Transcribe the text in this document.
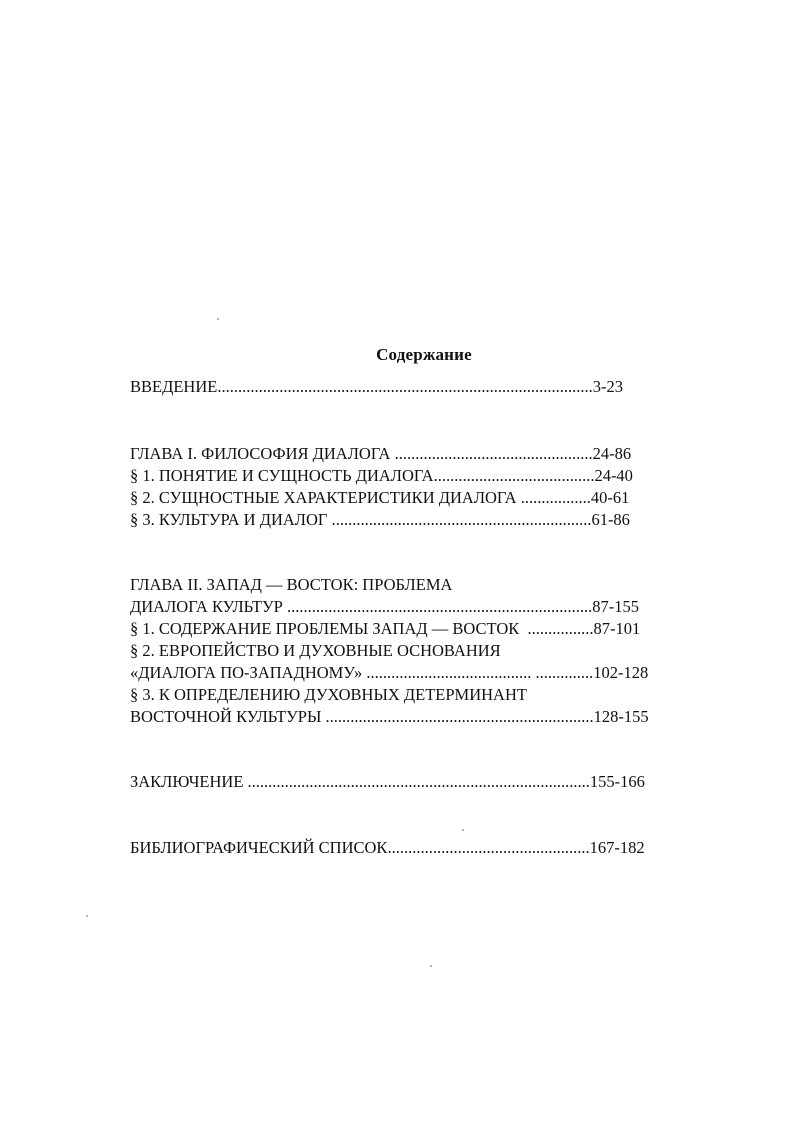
Содержание
ВВЕДЕНИЕ...........................................................................................3-23
ГЛАВА I. ФИЛОСОФИЯ ДИАЛОГА ................................................24-86
§ 1. ПОНЯТИЕ И СУЩНОСТЬ ДИАЛОГА.......................................24-40
§ 2. СУЩНОСТНЫЕ ХАРАКТЕРИСТИКИ ДИАЛОГА .................40-61
§ 3. КУЛЬТУРА И ДИАЛОГ ...............................................................61-86
ГЛАВА II. ЗАПАД — ВОСТОК: ПРОБЛЕМА
ДИАЛОГА КУЛЬТУР ..........................................................................87-155
§ 1. СОДЕРЖАНИЕ ПРОБЛЕМЫ ЗАПАД — ВОСТОК  ................87-101
§ 2. ЕВРОПЕЙСТВО И ДУХОВНЫЕ ОСНОВАНИЯ
«ДИАЛОГА ПО-ЗАПАДНОМУ» ........................................ ..............102-128
§ 3. К ОПРЕДЕЛЕНИЮ ДУХОВНЫХ ДЕТЕРМИНАНТ
ВОСТОЧНОЙ КУЛЬТУРЫ .................................................................128-155
ЗАКЛЮЧЕНИЕ ...................................................................................155-166
БИБЛИОГРАФИЧЕСКИЙ СПИСОК.................................................167-182
